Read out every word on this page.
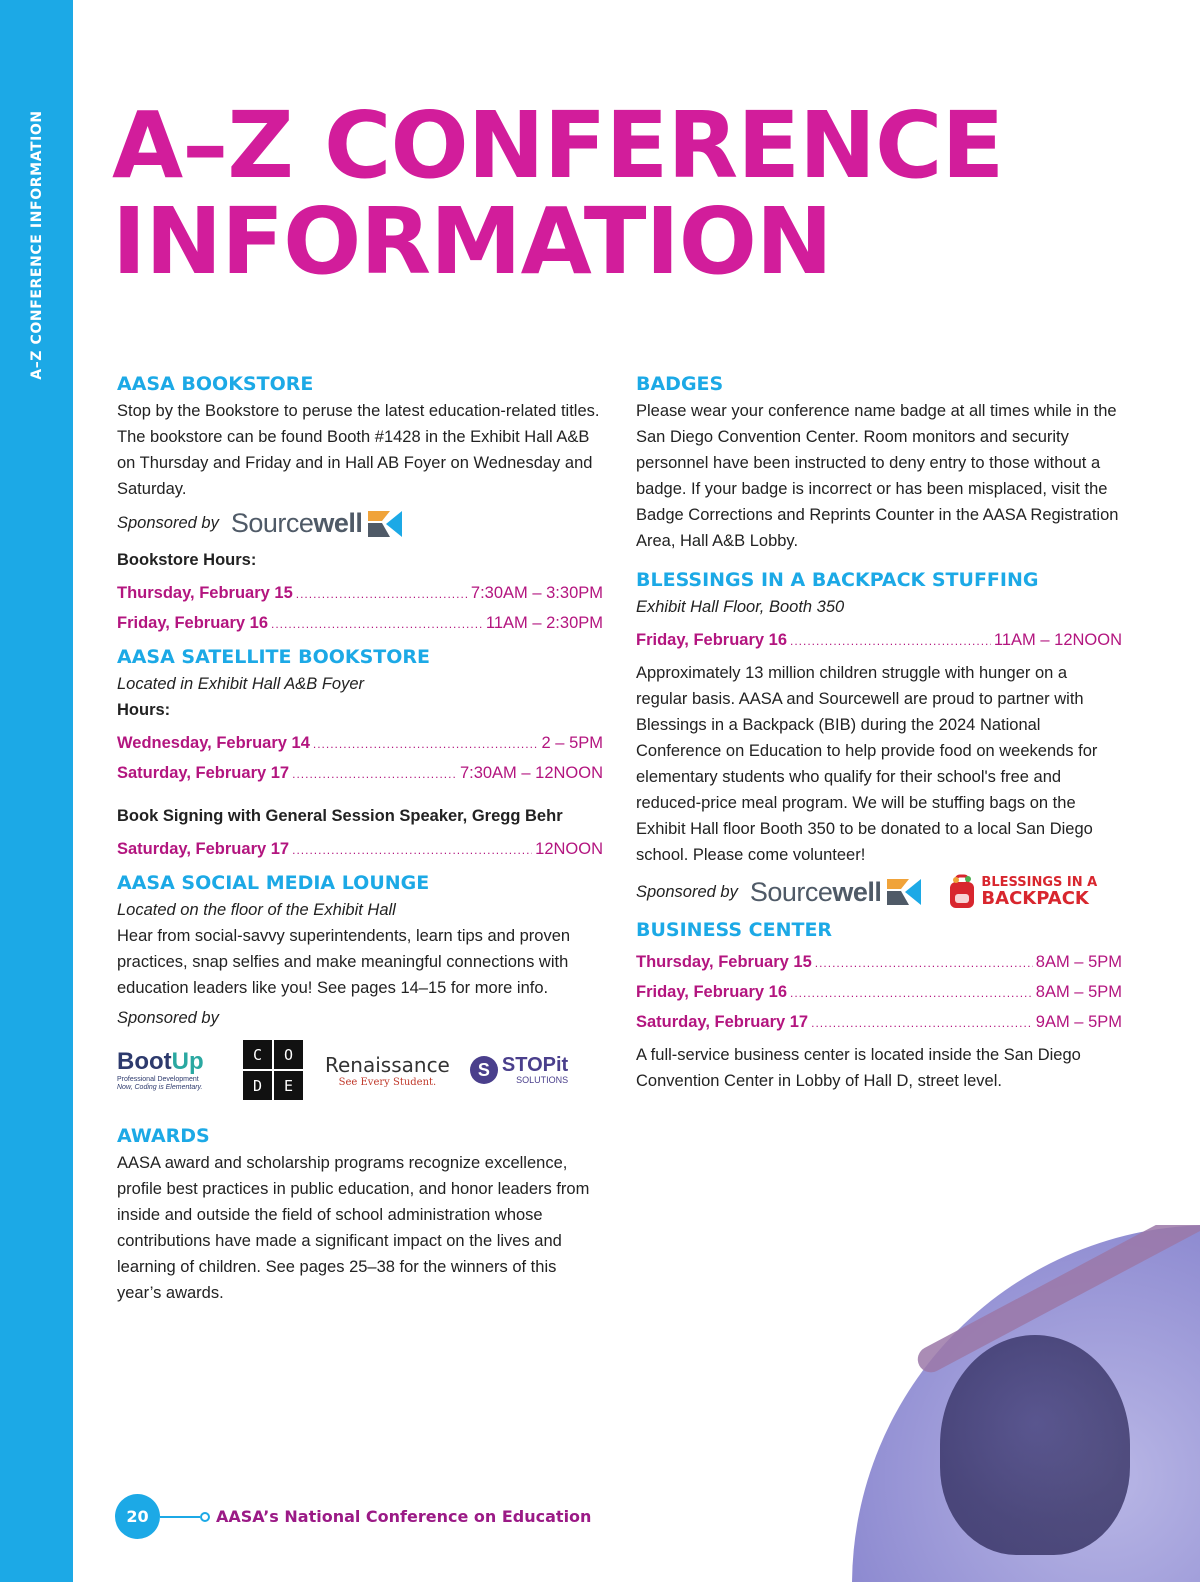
A–Z CONFERENCE INFORMATION A–Z CONFERENCE
INFORMATION
AASA BOOKSTORE
Stop by the Bookstore to peruse the latest education-related titles. The bookstore can be found Booth #1428 in the Exhibit Hall A&B on Thursday and Friday and in Hall AB Foyer on Wednesday and Saturday.
Sponsored by Source well
Bookstore Hours:
Thursday, February 15 .....	7:30AM – 3:30PM
Friday, February 16 .....	11AM – 2:30PM
AASA SATELLITE BOOKSTORE
Located in Exhibit Hall A&B Foyer
Hours:
Wednesday, February 14 .....	2 – 5PM
Saturday, February 17 .....	7:30AM – 12NOON
Book Signing with General Session Speaker, Gregg Behr
Saturday, February 17 .....	12NOON
AASA SOCIAL MEDIA LOUNGE
Located on the floor of the Exhibit Hall
Hear from social-savvy superintendents, learn tips and proven practices, snap selfies and make meaningful connections with education leaders like you! See pages 14–15 for more info.
Sponsored by
BootUp
Professional Development
Now, Coding is Elementary.
C	O
D	E
Renaissance
See Every Student.
S STOPit
SOLUTIONS
AWARDS
AASA award and scholarship programs recognize excellence, profile best practices in public education, and honor leaders from inside and outside the field of school administration whose contributions have made a significant impact on the lives and learning of children. See pages 25–38 for the winners of this year’s awards.
BADGES
Please wear your conference name badge at all times while in the San Diego Convention Center. Room monitors and security personnel have been instructed to deny entry to those without a badge. If your badge is incorrect or has been misplaced, visit the Badge Corrections and Reprints Counter in the AASA Registration Area, Hall A&B Lobby.
BLESSINGS IN A BACKPACK STUFFING
Exhibit Hall Floor, Booth 350
Friday, February 16 .....	11AM – 12NOON
Approximately 13 million children struggle with hunger on a regular basis. AASA and Sourcewell are proud to partner with Blessings in a Backpack (BIB) during the 2024 National Conference on Education to help provide food on weekends for elementary students who qualify for their school's free and reduced-price meal program. We will be stuffing bags on the Exhibit Hall floor Booth 350 to be donated to a local San Diego school. Please come volunteer!
Sponsored by Source well	BLESSINGS IN A
BACKPACK
BUSINESS CENTER
Thursday, February 15 .....	8AM – 5PM
Friday, February 16 .....	8AM – 5PM
Saturday, February 17 .....	9AM – 5PM
A full-service business center is located inside the San Diego Convention Center in Lobby of Hall D, street level.
20	AASA’s National Conference on Education
